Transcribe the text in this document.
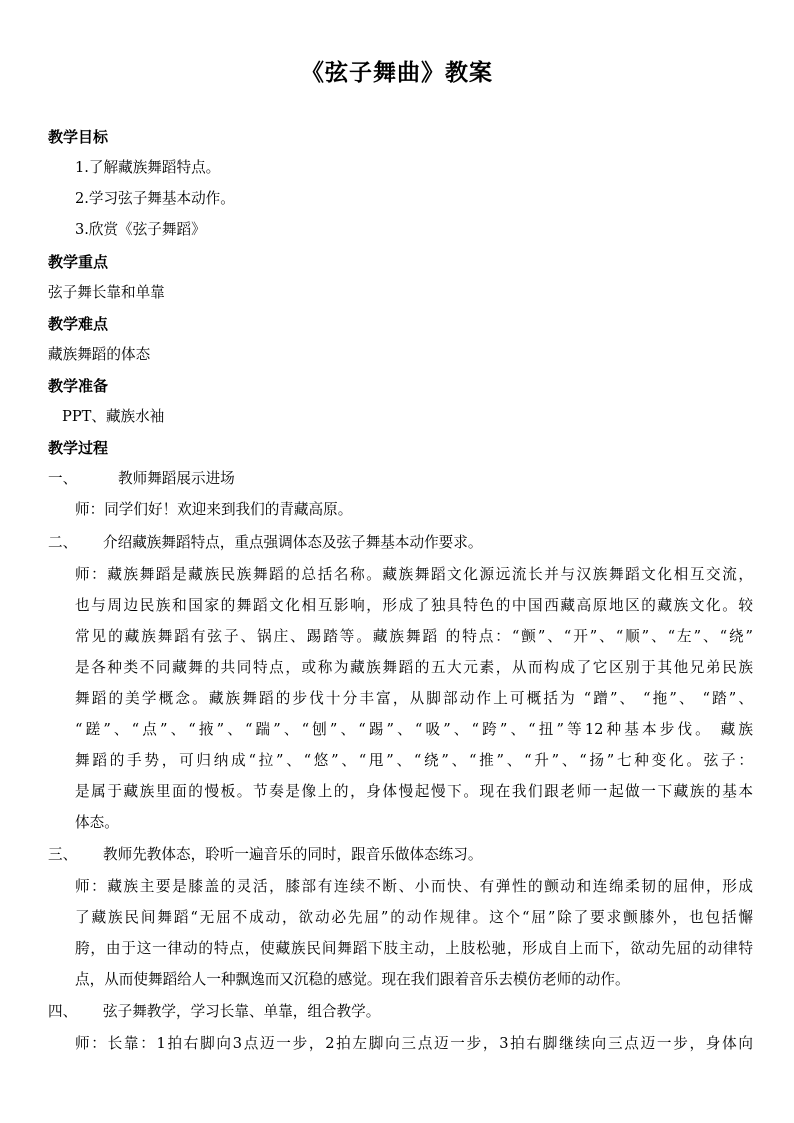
《弦子舞曲》教案
教学目标
1.了解藏族舞蹈特点。
2.学习弦子舞基本动作。
3.欣赏《弦子舞蹈》
教学重点
弦子舞长靠和单靠
教学难点
藏族舞蹈的体态
教学准备
PPT、藏族水袖
教学过程
一、	教师舞蹈展示进场
师：同学们好！欢迎来到我们的青藏高原。
二、 介绍藏族舞蹈特点，重点强调体态及弦子舞基本动作要求。
师：藏族舞蹈是藏族民族舞蹈的总括名称。藏族舞蹈文化源远流长并与汉族舞蹈文化相互交流，
也与周边民族和国家的舞蹈文化相互影响，形成了独具特色的中国西藏高原地区的藏族文化。较
常见的藏族舞蹈有弦子、锅庄、踢踏等。藏族舞蹈 的特点：“颤”、“开”、“顺”、“左”、“绕”
是各种类不同藏舞的共同特点，或称为藏族舞蹈的五大元素，从而构成了它区别于其他兄弟民族
舞蹈的美学概念。藏族舞蹈的步伐十分丰富，从脚部动作上可概括为 “蹭”、 “拖”、 “踏”、
“蹉”、“点”、“掖”、“踹”、“刨”、“踢”、“吸”、“跨”、“扭”等12种基本步伐。 藏族
舞蹈的手势，可归纳成“拉”、“悠”、“甩”、“绕”、“推”、“升”、“扬”七种变化。弦子：
是属于藏族里面的慢板。节奏是像上的，身体慢起慢下。现在我们跟老师一起做一下藏族的基本
体态。
三、 教师先教体态，聆听一遍音乐的同时，跟音乐做体态练习。
师：藏族主要是膝盖的灵活，膝部有连续不断、小而快、有弹性的颤动和连绵柔韧的屈伸，形成
了藏族民间舞蹈“无屈不成动，欲动必先屈”的动作规律。这个“屈”除了要求颤膝外，也包括懈
胯，由于这一律动的特点，使藏族民间舞蹈下肢主动，上肢松驰，形成自上而下，欲动先屈的动律特
点，从而使舞蹈给人一种飘逸而又沉稳的感觉。现在我们跟着音乐去模仿老师的动作。
四、 弦子舞教学，学习长靠、单靠，组合教学。
师：长靠：1拍右脚向3点迈一步，2拍左脚向三点迈一步，3拍右脚继续向三点迈一步，身体向
